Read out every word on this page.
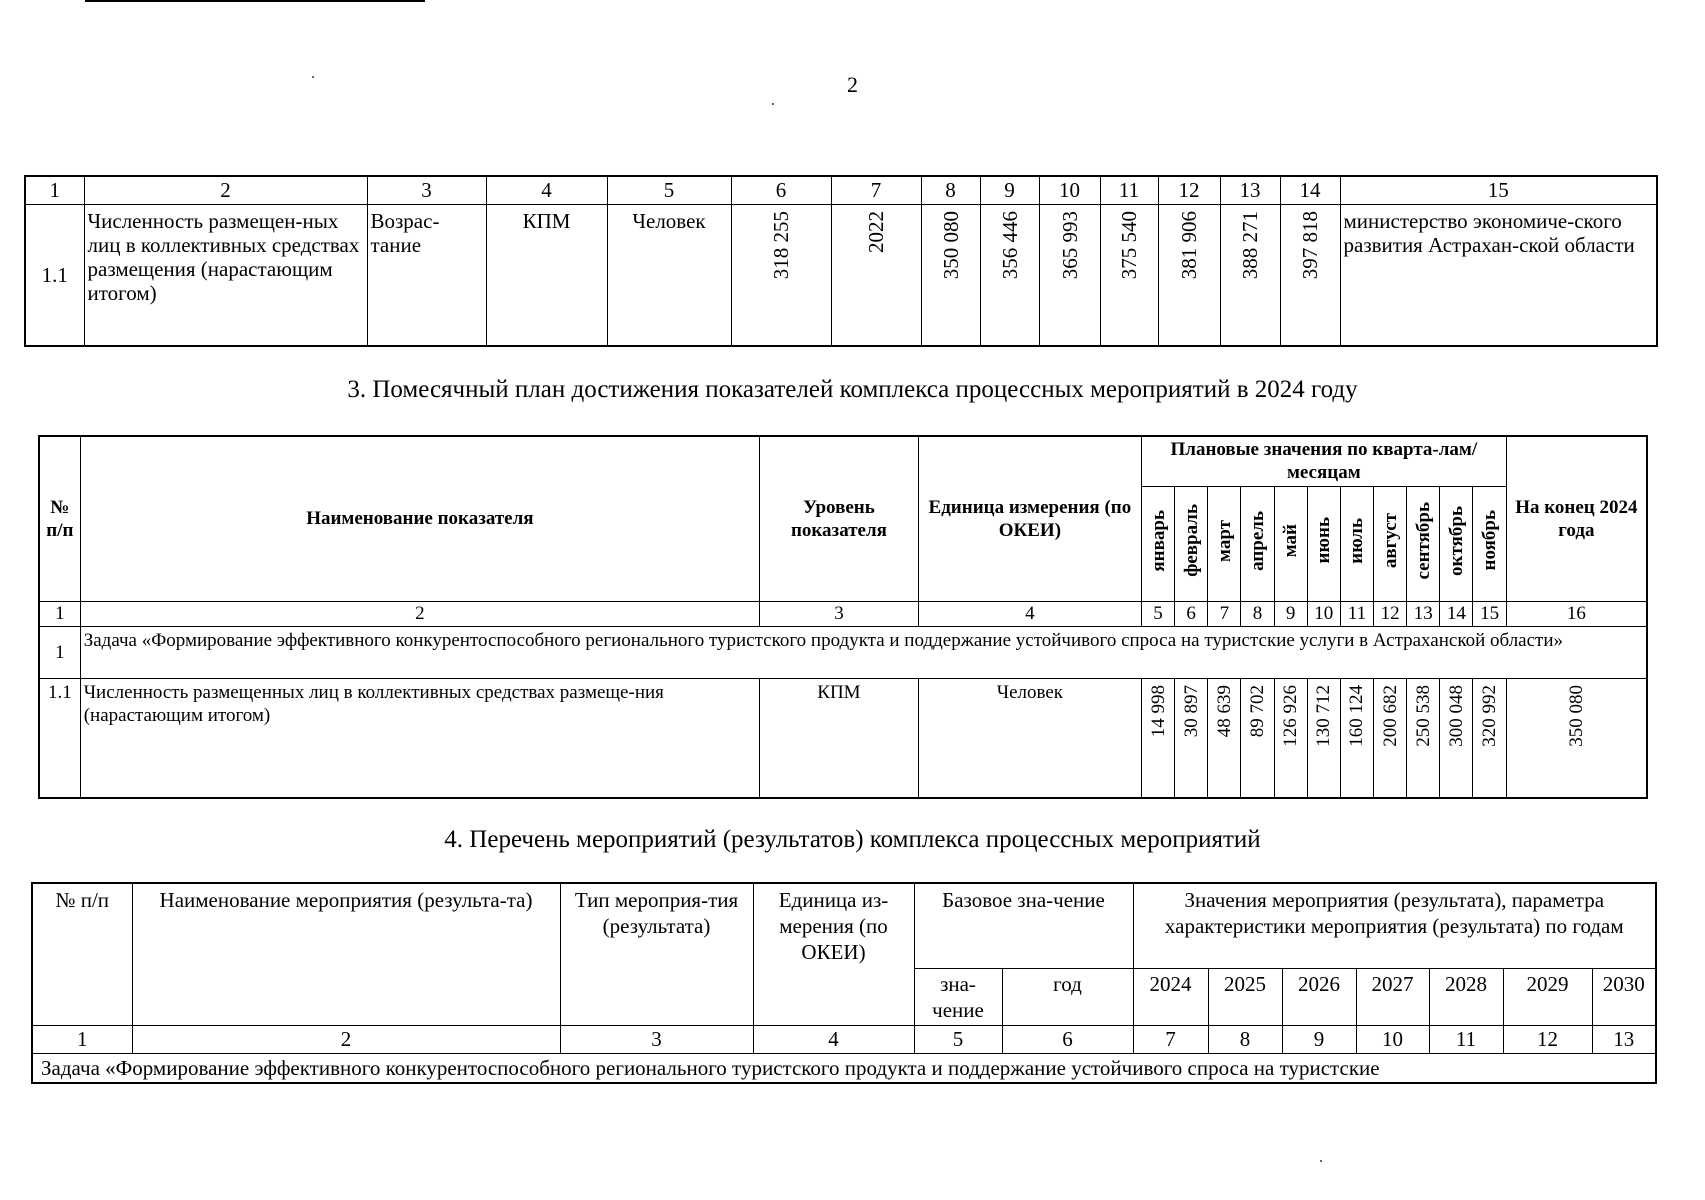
2
1	2	3	4	5	6	7	8	9	10	11	12	13	14	15
1.1	Численность размещен-ных лиц в коллективных средствах размещения (нарастающим итогом)	Возрас-тание	КПМ	Человек	318 255	2022	350 080	356 446	365 993	375 540	381 906	388 271	397 818	министерство экономиче-ского развития Астрахан-ской области
3. Помесячный план достижения показателей комплекса процессных мероприятий в 2024 году
№ п/п	Наименование показателя	Уровень показателя	Единица измерения (по ОКЕИ)	Плановые значения по кварта-лам/месяцам											На конец 2024 года
				январь	февраль	март	апрель	май	июнь	июль	август	сентябрь	октябрь	ноябрь	
1	2	3	4	5	6	7	8	9	10	11	12	13	14	15	16
1	Задача «Формирование эффективного конкурентоспособного регионального туристского продукта и поддержание устойчивого спроса на туристские услуги в Астраханской области»														
1.1	Численность размещенных лиц в коллективных средствах размеще-ния (нарастающим итогом)	КПМ	Человек	14 998	30 897	48 639	89 702	126 926	130 712	160 124	200 682	250 538	300 048	320 992	350 080
4. Перечень мероприятий (результатов) комплекса процессных мероприятий
№ п/п	Наименование мероприятия (результа-та)	Тип мероприя-тия (результата)	Единица из-мерения (по ОКЕИ)	Базовое зна-чение		Значения мероприятия (результата), параметра характеристики мероприятия (результата) по годам						
				зна-чение	год	2024	2025	2026	2027	2028	2029	2030
1	2	3	4	5	6	7	8	9	10	11	12	13
Задача «Формирование эффективного конкурентоспособного регионального туристского продукта и поддержание устойчивого спроса на туристские												
